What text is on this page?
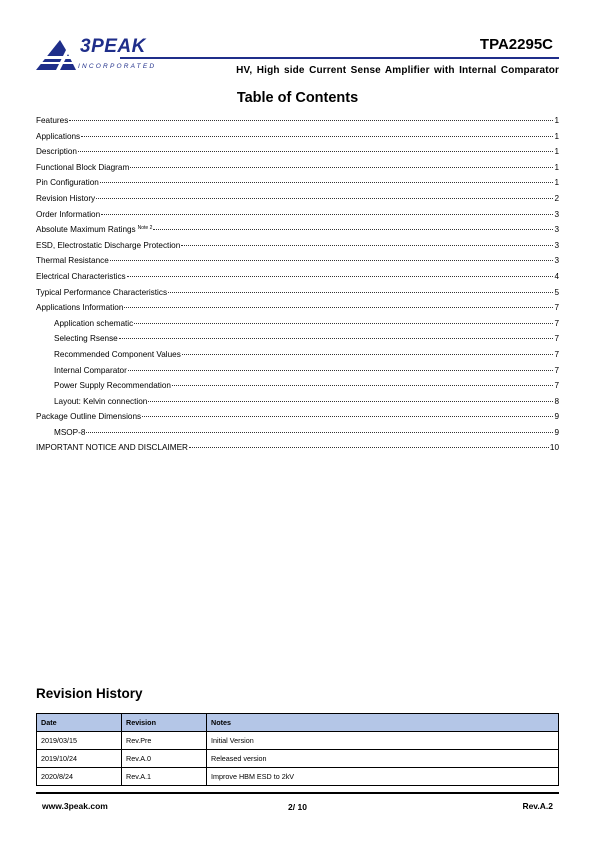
3PEAK
INCORPORATED
TPA2295C
HV, High side Current Sense Amplifier with Internal Comparator
Table of Contents
Features	1
Applications	1
Description	1
Functional Block Diagram	1
Pin Configuration	1
Revision History	2
Order Information	3
Absolute Maximum Ratings $^{Note 2}$	3
ESD, Electrostatic Discharge Protection	3
Thermal Resistance	3
Electrical Characteristics	4
Typical Performance Characteristics	5
Applications Information	7
Application schematic	7
Selecting Rsense	7
Recommended Component Values	7
Internal Comparator	7
Power Supply Recommendation	7
Layout: Kelvin connection	8
Package Outline Dimensions	9
MSOP-8	9
IMPORTANT NOTICE AND DISCLAIMER	10
Revision History
Date	Revision	Notes
2019/03/15	Rev.Pre	Initial Version
2019/10/24	Rev.A.0	Released version
2020/8/24	Rev.A.1	Improve HBM ESD to 2kV
www.3peak.com	2/ 10	Rev.A.2
